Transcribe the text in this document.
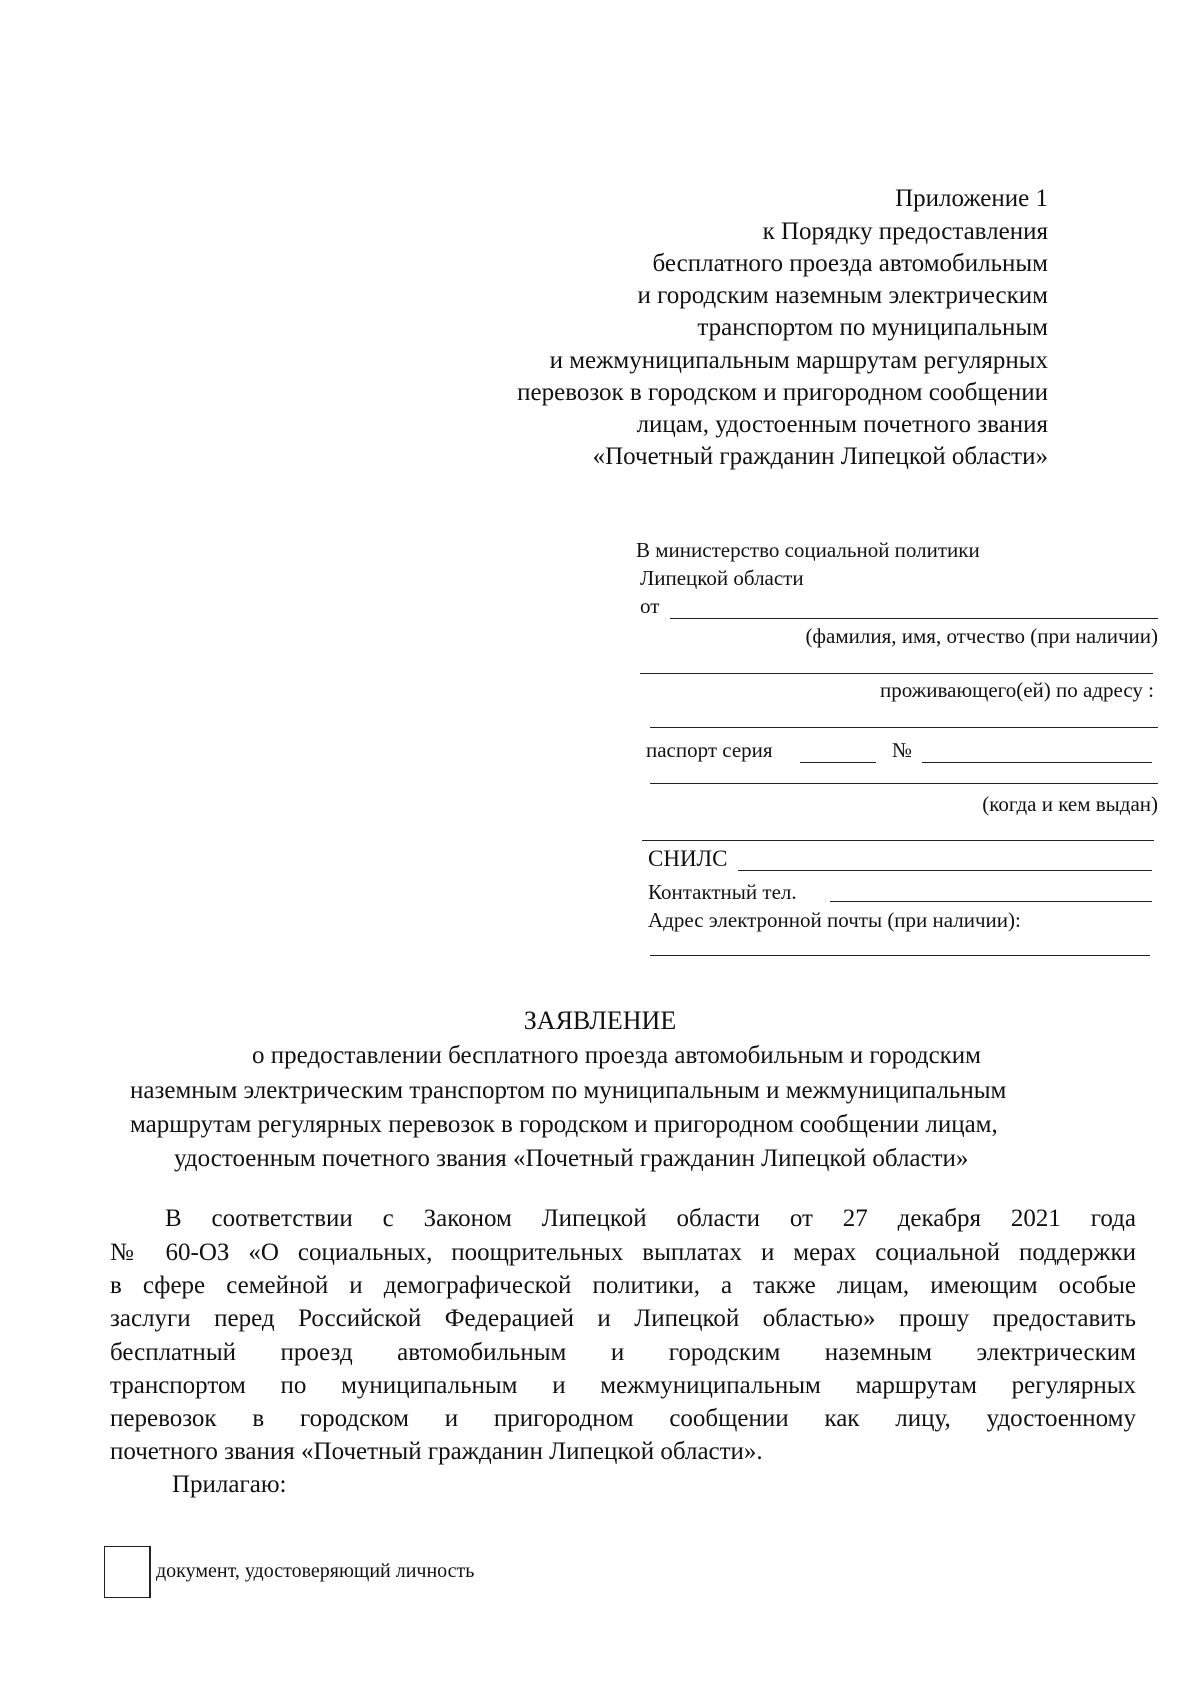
Приложение 1
к Порядку предоставления
бесплатного проезда автомобильным
и городским наземным электрическим
транспортом по муниципальным
и межмуниципальным маршрутам регулярных
перевозок в городском и пригородном сообщении
лицам, удостоенным почетного звания
«Почетный гражданин Липецкой области»
В министерство социальной политики
Липецкой области
от
(фамилия, имя, отчество (при наличии)
проживающего(ей) по адресу :
паспорт серия	№
(когда и кем выдан)
СНИЛС
Контактный тел.
Адрес электронной почты (при наличии):
ЗАЯВЛЕНИЕ
о предоставлении бесплатного проезда автомобильным и городским
наземным электрическим транспортом по муниципальным и межмуниципальным
маршрутам регулярных перевозок в городском и пригородном сообщении лицам,
удостоенным почетного звания «Почетный гражданин Липецкой области»
В соответствии с Законом Липецкой области от 27 декабря 2021 года
№ 60-ОЗ «О социальных, поощрительных выплатах и мерах социальной поддержки
в сфере семейной и демографической политики, а также лицам, имеющим особые
заслуги перед Российской Федерацией и Липецкой областью» прошу предоставить
бесплатный проезд автомобильным и городским наземным электрическим
транспортом по муниципальным и межмуниципальным маршрутам регулярных
перевозок в городском и пригородном сообщении как лицу, удостоенному
почетного звания «Почетный гражданин Липецкой области».
Прилагаю:
документ, удостоверяющий личность
